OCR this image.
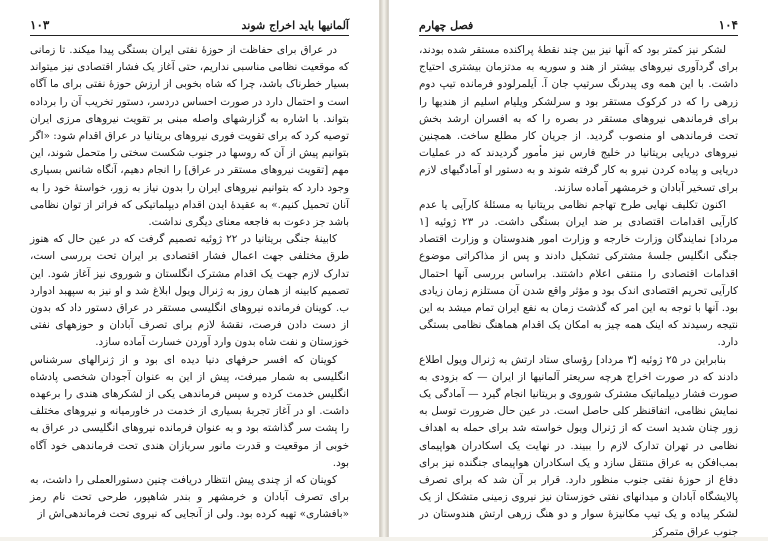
آلمانیها باید اخراج شوند
۱۰۳

در عراق برای حفاظت از حوزهٔ نفتی ایران بستگی پیدا میکند. تا زمانی که موقعیت نظامی مناسبی نداریم، حتی آغاز یک فشار اقتصادی نیز میتواند بسیار خطرناک باشد، چرا که شاه بخوبی از ارزش حوزهٔ نفتی برای ما آگاه است و احتمال دارد در صورت احساس دردسر، دستور تخریب آن را برداده بتواند. با اشاره به گزارشهای واصله مبنی بر تقویت نیروهای مرزی ایران توصیه کرد که برای تقویت فوری نیروهای بریتانیا در عراق اقدام شود: «اگر بتوانیم پیش از آن که روسها در جنوب شکست سختی را متحمل شوند، این مهم [تقویت نیروهای مستقر در عراق] را انجام دهیم، آنگاه شانس بسیاری وجود دارد که بتوانیم نیروهای ایران را بدون نیاز به زور، خواستهٔ خود را به آنان تحمیل کنیم.» به عقیدهٔ ایدن اقدام دیپلماتیکی که فراتر از توان نظامی باشد جز دعوت به فاجعه معنای دیگری نداشت.

کابینهٔ جنگی بریتانیا در ۲۲ ژوئیه تصمیم گرفت که در عین حال که هنوز طرق مختلفی جهت اعمال فشار اقتصادی بر ایران تحت بررسی است، تدارک لازم جهت یک اقدام مشترک انگلستان و شوروی نیز آغاز شود. این تصمیم کابینه از همان روز به ژنرال ویول ابلاغ شد و او نیز به سپهبد ادوارد ب. کوینان فرمانده نیروهای انگلیسی مستقر در عراق دستور داد که بدون از دست دادن فرصت، نقشهٔ لازم برای تصرف آبادان و حوزههای نفتی خوزستان و نفت شاه بدون وارد آوردن خسارت آماده سازد.

کوینان که افسر حرفهای دنیا دیده ای بود و از ژنرالهای سرشناس انگلیسی به شمار میرفت، پیش از این به عنوان آجودان شخصی پادشاه انگلیس خدمت کرده و سپس فرماندهی یکی از لشکرهای هندی را برعهده داشت. او در آغاز تجربهٔ بسیاری از خدمت در خاورمیانه و نیروهای مختلف را پشت سر گذاشته بود و به عنوان فرمانده نیروهای انگلیسی در عراق به خوبی از موقعیت و قدرت مانور سربازان هندی تحت فرماندهی خود آگاه بود.

کوینان که از چندی پیش انتظار دریافت چنین دستورالعملی را داشت، به برای تصرف آبادان و خرمشهر و بندر شاهپور، طرحی تحت نام رمز «بافشاری» تهیه کرده بود. ولی از آنجایی که نیروی تحت فرماندهی‌اش از

۱۰۴
فصل چهارم

لشکر نیز کمتر بود که آنها نیز بین چند نقطهٔ پراکنده مستقر شده بودند، برای گردآوری نیروهای بیشتر از هند و سوریه به مدتزمان بیشتری احتیاج داشت. با این همه وی پیدرنگ سرتیپ جان آ. اَیلمرلودو فرمانده تیپ دوم زرهی را که در کرکوک مستقر بود و سرلشکر ویلیام اسلیم از هندیها را برای فرماندهی نیروهای مستقر در بصره را که به افسران ارشد بخش تحت فرماندهی او منصوب گردید. از جریان کار مطلع ساخت. همچنین نیروهای دریایی بریتانیا در خلیج فارس نیز مأمور گردیدند که در عملیات دریایی و پیاده کردن نیرو به کار گرفته شوند و به دستور او آمادگیهای لازم برای تسخیر آبادان و خرمشهر آماده سازند.

اکنون تکلیف نهایی طرح تهاجم نظامی بریتانیا به مسئلهٔ کارآیی یا عدم کارآیی اقدامات اقتصادی بر ضد ایران بستگی داشت. در ۲۳ ژوئیه [۱ مرداد] نمایندگان وزارت خارجه و وزارت امور هندوستان و وزارت اقتصاد جنگی انگلیس جلسهٔ مشترکی تشکیل دادند و پس از مذاکراتی موضوع اقدامات اقتصادی را منتفی اعلام داشتند. براساس بررسی آنها احتمال کارآیی تحریم اقتصادی اندک بود و مؤثر واقع شدن آن مستلزم زمان زیادی بود. آنها با توجه به این امر که گذشت زمان به نفع ایران تمام میشد به این نتیجه رسیدند که اینک همه چیز به امکان یک اقدام هماهنگ نظامی بستگی دارد.

بنابراین در ۲۵ ژوئیه [۳ مرداد] رؤسای ستاد ارتش به ژنرال ویول اطلاع دادند که در صورت اخراج هرچه سریعتر آلمانیها از ایران — که بزودی به صورت فشار دیپلماتیک مشترک شوروی و بریتانیا انجام گیرد — آمادگی یک نمایش نظامی، اتفاقنظر کلی حاصل است. در عین حال ضرورت توسل به زور چنان شدید است که از ژنرال ویول خواسته شد برای حمله به اهداف نظامی در تهران تدارک لازم را ببیند. در نهایت یک اسکادران هواپیمای بمب‌افکن به عراق منتقل سازد و یک اسکادران هواپیمای جنگنده نیز برای دفاع از حوزهٔ نفتی جنوب منظور دارد. قرار بر آن شد که برای تصرف پالایشگاه آبادان و میدانهای نفتی خوزستان نیز نیروی زمینی متشکل از یک لشکر پیاده و یک تیپ مکانیزهٔ سوار و دو هنگ زرهی ارتش هندوستان در جنوب عراق متمرکز
